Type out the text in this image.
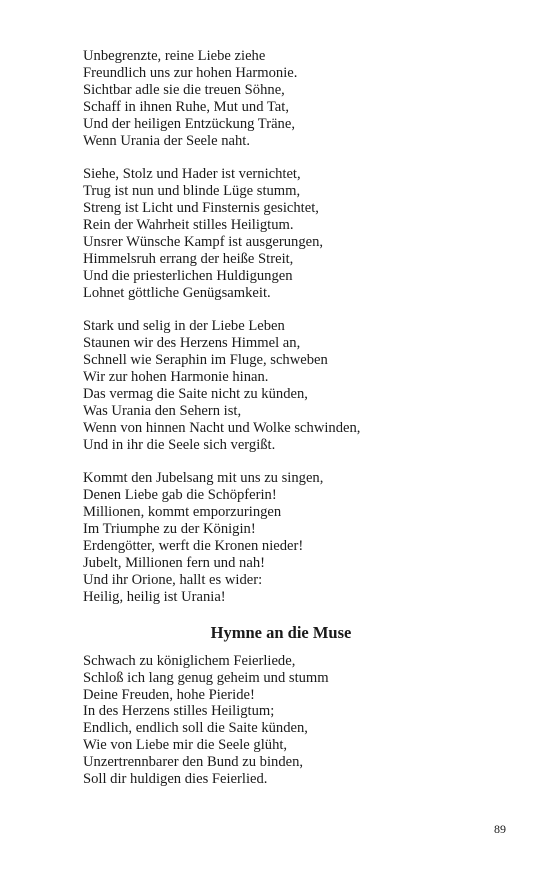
Unbegrenzte, reine Liebe ziehe
Freundlich uns zur hohen Harmonie.
Sichtbar adle sie die treuen Söhne,
Schaff in ihnen Ruhe, Mut und Tat,
Und der heiligen Entzückung Träne,
Wenn Urania der Seele naht.
Siehe, Stolz und Hader ist vernichtet,
Trug ist nun und blinde Lüge stumm,
Streng ist Licht und Finsternis gesichtet,
Rein der Wahrheit stilles Heiligtum.
Unsrer Wünsche Kampf ist ausgerungen,
Himmelsruh errang der heiße Streit,
Und die priesterlichen Huldigungen
Lohnet göttliche Genügsamkeit.
Stark und selig in der Liebe Leben
Staunen wir des Herzens Himmel an,
Schnell wie Seraphin im Fluge, schweben
Wir zur hohen Harmonie hinan.
Das vermag die Saite nicht zu künden,
Was Urania den Sehern ist,
Wenn von hinnen Nacht und Wolke schwinden,
Und in ihr die Seele sich vergißt.
Kommt den Jubelsang mit uns zu singen,
Denen Liebe gab die Schöpferin!
Millionen, kommt emporzuringen
Im Triumphe zu der Königin!
Erdengötter, werft die Kronen nieder!
Jubelt, Millionen fern und nah!
Und ihr Orione, hallt es wider:
Heilig, heilig ist Urania!
Hymne an die Muse
Schwach zu königlichem Feierliede,
Schloß ich lang genug geheim und stumm
Deine Freuden, hohe Pieride!
In des Herzens stilles Heiligtum;
Endlich, endlich soll die Saite künden,
Wie von Liebe mir die Seele glüht,
Unzertrennbarer den Bund zu binden,
Soll dir huldigen dies Feierlied.
89
